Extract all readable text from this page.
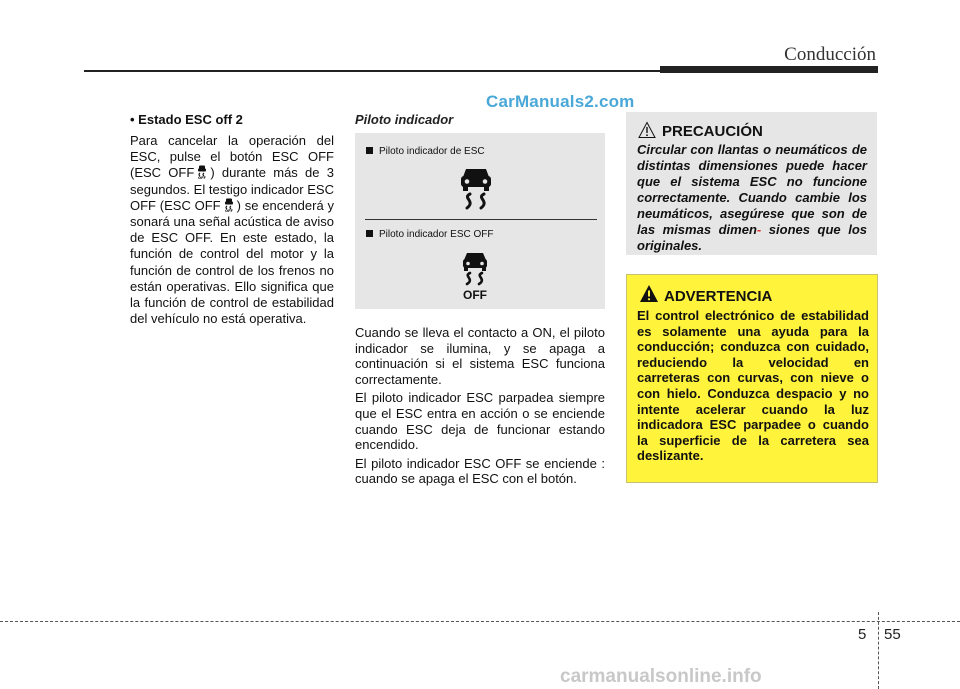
Conducción
CarManuals2.com
• Estado ESC off 2

Para cancelar la operación del ESC, pulse el botón ESC OFF (ESC OFF OFF ) durante más de 3 segundos. El testigo indicador ESC OFF (ESC OFF OFF ) se encenderá y sonará una señal acústica de aviso de ESC OFF. En este estado, la función de control del motor y la función de control de los frenos no están operativas. Ello significa que la función de control de estabilidad del vehículo no está operativa.

Piloto indicador
Piloto indicador de ESC
Piloto indicador ESC OFF
OFF

Cuando se lleva el contacto a ON, el piloto indicador se ilumina, y se apaga a continuación si el sistema ESC funciona correctamente.

El piloto indicador ESC parpadea siempre que el ESC entra en acción o se enciende cuando ESC deja de funcionar estando encendido.

El piloto indicador ESC OFF se enciende : cuando se apaga el ESC con el botón.

PRECAUCIÓN
Circular con llantas o neumáticos de distintas dimensiones puede hacer que el sistema ESC no funcione correctamente. Cuando cambie los neumáticos, asegúrese que son de las mismas dimen- siones que los originales.
ADVERTENCIA
El control electrónico de estabilidad es solamente una ayuda para la conducción; conduzca con cuidado, reduciendo la velocidad en carreteras con curvas, con nieve o con hielo. Conduzca despacio y no intente acelerar cuando la luz indicadora ESC parpadee o cuando la superficie de la carretera sea deslizante.
5 55
carmanualsonline.info
